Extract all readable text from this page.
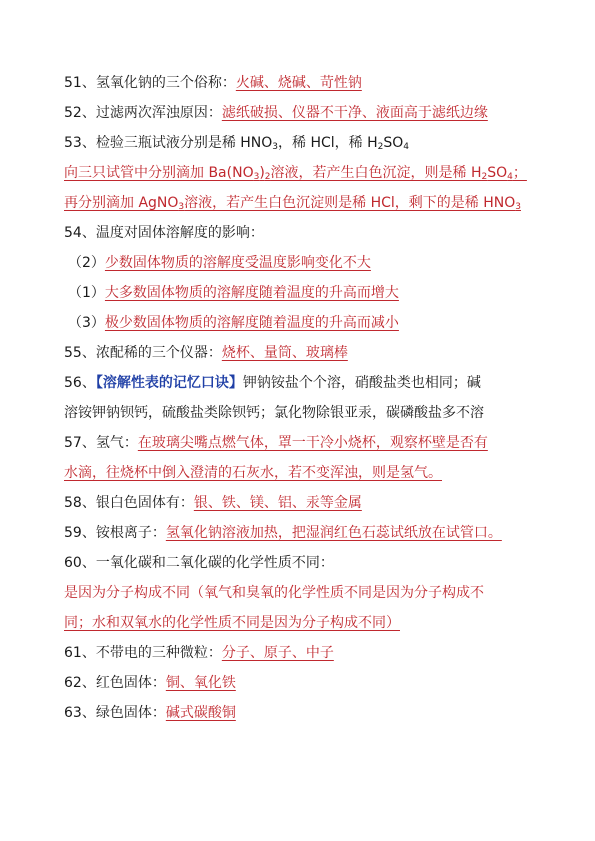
51、氢氧化钠的三个俗称：火碱、烧碱、苛性钠
52、过滤两次浑浊原因：滤纸破损、仪器不干净、液面高于滤纸边缘
53、检验三瓶试液分别是稀 $HNO_3$，稀 HCl，稀 $H_2SO_4$
向三只试管中分别滴加 $Ba(NO_3)_2$溶液，若产生白色沉淀，则是稀 $H_2SO_4$；
再分别滴加 AgNO$_3$溶液，若产生白色沉淀则是稀 HCl，剩下的是稀 $HNO_3$
54、温度对固体溶解度的影响：
（2）少数固体物质的溶解度受温度影响变化不大
（1）大多数固体物质的溶解度随着温度的升高而增大
（3）极少数固体物质的溶解度随着温度的升高而减小
55、浓配稀的三个仪器：烧杯、量筒、玻璃棒
56、【溶解性表的记忆口诀】钾钠铵盐个个溶，硝酸盐类也相同；碱
溶铵钾钠钡钙，硫酸盐类除钡钙；氯化物除银亚汞，碳磷酸盐多不溶
57、氢气：在玻璃尖嘴点燃气体，罩一干冷小烧杯，观察杯壁是否有
水滴，往烧杯中倒入澄清的石灰水，若不变浑浊，则是氢气。
58、银白色固体有：银、铁、镁、铝、汞等金属
59、铵根离子：氢氧化钠溶液加热，把湿润红色石蕊试纸放在试管口。
60、一氧化碳和二氧化碳的化学性质不同：
是因为分子构成不同（氧气和臭氧的化学性质不同是因为分子构成不
同；水和双氧水的化学性质不同是因为分子构成不同）
61、不带电的三种微粒：分子、原子、中子
62、红色固体：铜、氧化铁
63、绿色固体：碱式碳酸铜
